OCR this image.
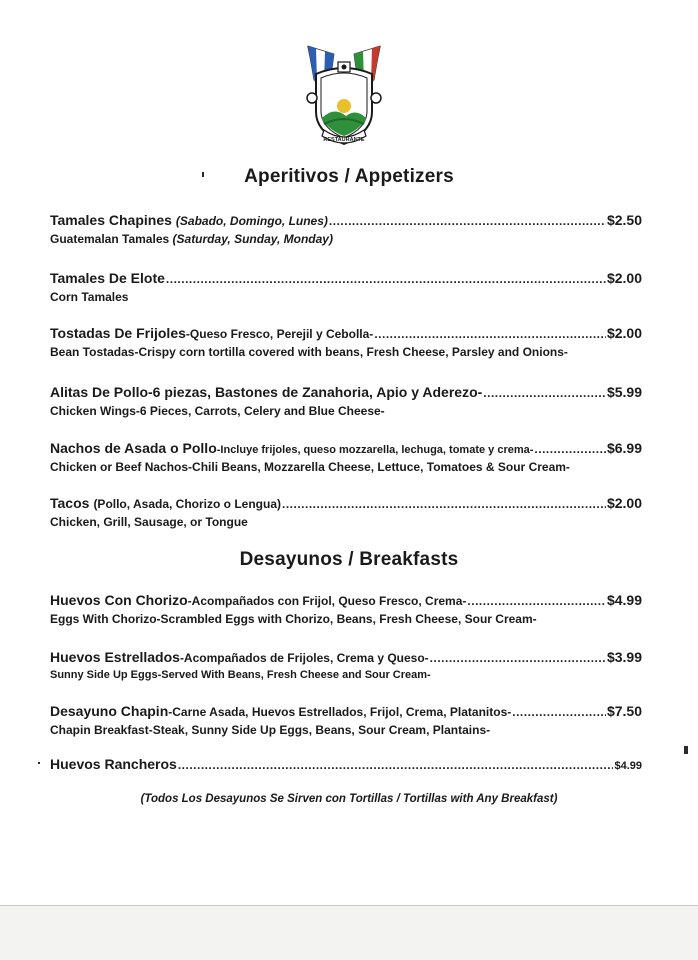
RESTAURANTE
Aperitivos / Appetizers
Tamales Chapines (Sabado, Domingo, Lunes) .....	$2.50
Guatemalan Tamales (Saturday, Sunday, Monday)
Tamales De Elote .....	$2.00
Corn Tamales
Tostadas De Frijoles -Queso Fresco, Perejil y Cebolla- .....	$2.00
Bean Tostadas-Crispy corn tortilla covered with beans, Fresh Cheese, Parsley and Onions-
Alitas De Pollo-6 piezas, Bastones de Zanahoria, Apio y Aderezo- .....	$5.99
Chicken Wings-6 Pieces, Carrots, Celery and Blue Cheese-
Nachos de Asada o Pollo -Incluye frijoles, queso mozzarella, lechuga, tomate y crema- .....	$6.99
Chicken or Beef Nachos-Chili Beans, Mozzarella Cheese, Lettuce, Tomatoes & Sour Cream-
Tacos (Pollo, Asada, Chorizo o Lengua) .....	$2.00
Chicken, Grill, Sausage, or Tongue
Desayunos / Breakfasts
Huevos Con Chorizo -Acompañados con Frijol, Queso Fresco, Crema- .....	$4.99
Eggs With Chorizo-Scrambled Eggs with Chorizo, Beans, Fresh Cheese, Sour Cream-
Huevos Estrellados -Acompañados de Frijoles, Crema y Queso- .....	$3.99
Sunny Side Up Eggs-Served With Beans, Fresh Cheese and Sour Cream-
Desayuno Chapin -Carne Asada, Huevos Estrellados, Frijol, Crema, Platanitos- .....	$7.50
Chapin Breakfast-Steak, Sunny Side Up Eggs, Beans, Sour Cream, Plantains-
Huevos Rancheros .....	$4.99
(Todos Los Desayunos Se Sirven con Tortillas / Tortillas with Any Breakfast)
